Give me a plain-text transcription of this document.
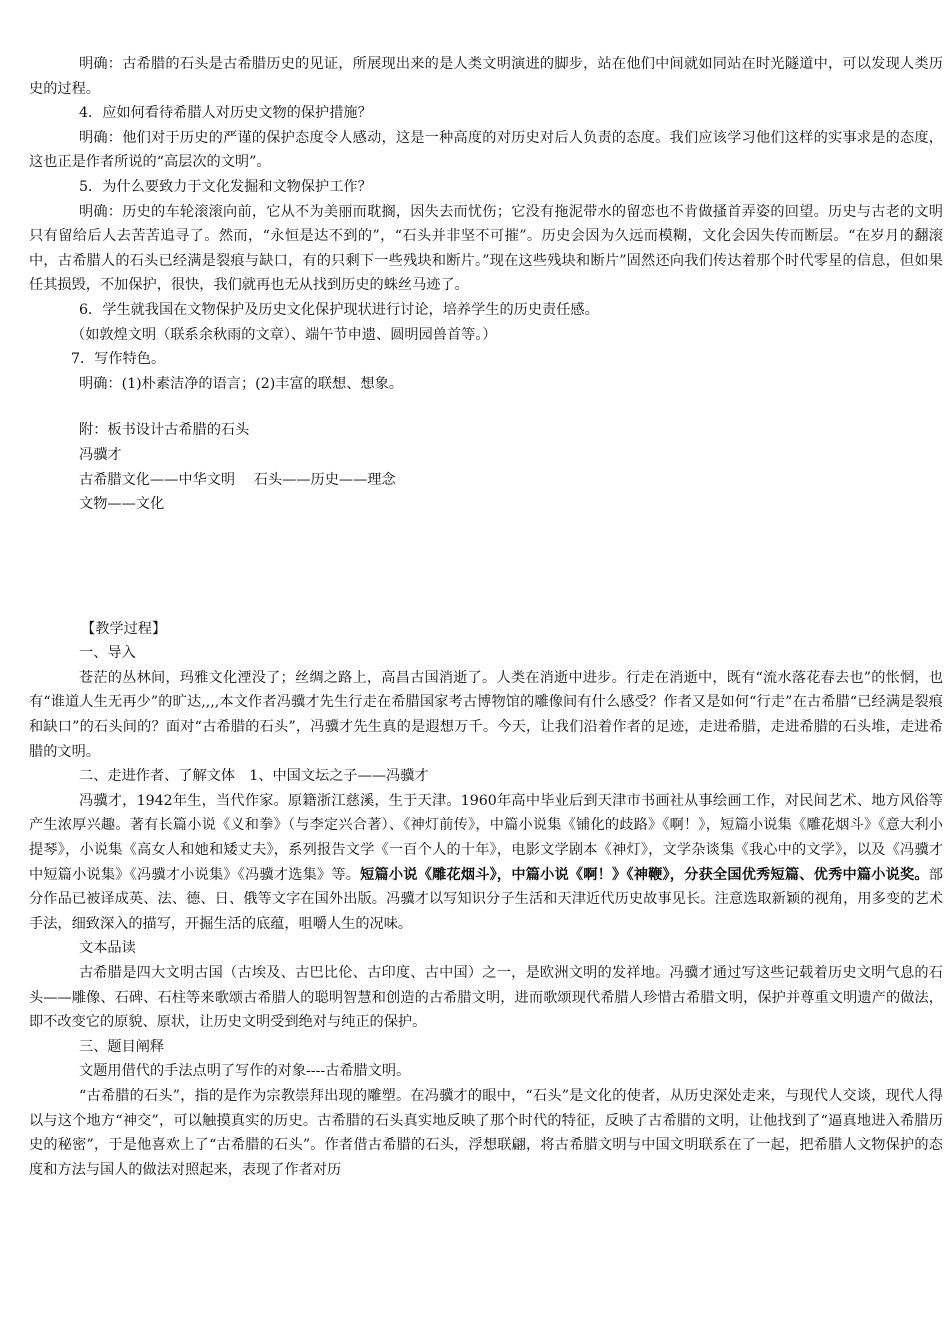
明确：古希腊的石头是古希腊历史的见证，所展现出来的是人类文明演进的脚步，站在他们中间就如同站在时光隧道中，可以发现人类历史的过程。

4．应如何看待希腊人对历史文物的保护措施？

明确：他们对于历史的严谨的保护态度令人感动，这是一种高度的对历史对后人负责的态度。我们应该学习他们这样的实事求是的态度，这也正是作者所说的“高层次的文明”。

5．为什么要致力于文化发掘和文物保护工作？

明确：历史的车轮滚滚向前，它从不为美丽而耽搁，因失去而忧伤；它没有拖泥带水的留恋也不肯做搔首弄姿的回望。历史与古老的文明只有留给后人去苦苦追寻了。然而，“永恒是达不到的”，“石头并非坚不可摧”。历史会因为久远而模糊，文化会因失传而断层。“在岁月的翻滚中，古希腊人的石头已经满是裂痕与缺口，有的只剩下一些残块和断片。”现在这些残块和断片”固然还向我们传达着那个时代零星的信息，但如果任其损毁，不加保护，很快，我们就再也无从找到历史的蛛丝马迹了。

6．学生就我国在文物保护及历史文化保护现状进行讨论，培养学生的历史责任感。

（如敦煌文明（联系余秋雨的文章）、端午节申遗、圆明园兽首等。）

7．写作特色。

明确：(1)朴素洁净的语言；(2)丰富的联想、想象。

附：板书设计古希腊的石头

冯骥才

古希腊文化——中华文明　 石头——历史——理念

文物——文化

【教学过程】

一、导入

苍茫的丛林间，玛雅文化湮没了；丝绸之路上，高昌古国消逝了。人类在消逝中进步。行走在消逝中，既有“流水落花春去也”的怅惘，也有“谁道人生无再少”的旷达,,,,本文作者冯骥才先生行走在希腊国家考古博物馆的雕像间有什么感受？作者又是如何“行走”在古希腊“已经满是裂痕和缺口”的石头间的？面对“古希腊的石头”，冯骥才先生真的是遐想万千。今天，让我们沿着作者的足迹，走进希腊，走进希腊的石头堆，走进希腊的文明。

二、走进作者、了解文体　1、中国文坛之子——冯骥才

冯骥才，1942年生，当代作家。原籍浙江慈溪，生于天津。1960年高中毕业后到天津市书画社从事绘画工作，对民间艺术、地方风俗等产生浓厚兴趣。著有长篇小说《义和拳》（与李定兴合著）、《神灯前传》，中篇小说集《铺化的歧路》《啊！》，短篇小说集《雕花烟斗》《意大利小提琴》，小说集《高女人和她和矮丈夫》，系列报告文学《一百个人的十年》，电影文学剧本《神灯》，文学杂谈集《我心中的文学》，以及《冯骥才中短篇小说集》《冯骥才小说集》《冯骥才选集》等。短篇小说《雕花烟斗》，中篇小说《啊！》《神鞭》，分获全国优秀短篇、优秀中篇小说奖。部分作品已被译成英、法、德、日、俄等文字在国外出版。冯骥才以写知识分子生活和天津近代历史故事见长。注意选取新颖的视角，用多变的艺术手法，细致深入的描写，开掘生活的底蕴，咀嚼人生的况味。

文本品读

古希腊是四大文明古国（古埃及、古巴比伦、古印度、古中国）之一，是欧洲文明的发祥地。冯骥才通过写这些记载着历史文明气息的石头——雕像、石碑、石柱等来歌颂古希腊人的聪明智慧和创造的古希腊文明，进而歌颂现代希腊人珍惜古希腊文明，保护并尊重文明遗产的做法，即不改变它的原貌、原状，让历史文明受到绝对与纯正的保护。

三、题目阐释

文题用借代的手法点明了写作的对象----古希腊文明。

“古希腊的石头”，指的是作为宗教崇拜出现的雕塑。在冯骥才的眼中，“石头”是文化的使者，从历史深处走来，与现代人交谈，现代人得以与这个地方“神交”，可以触摸真实的历史。古希腊的石头真实地反映了那个时代的特征，反映了古希腊的文明，让他找到了“逼真地进入希腊历史的秘密”，于是他喜欢上了“古希腊的石头”。作者借古希腊的石头，浮想联翩，将古希腊文明与中国文明联系在了一起，把希腊人文物保护的态度和方法与国人的做法对照起来，表现了作者对历
